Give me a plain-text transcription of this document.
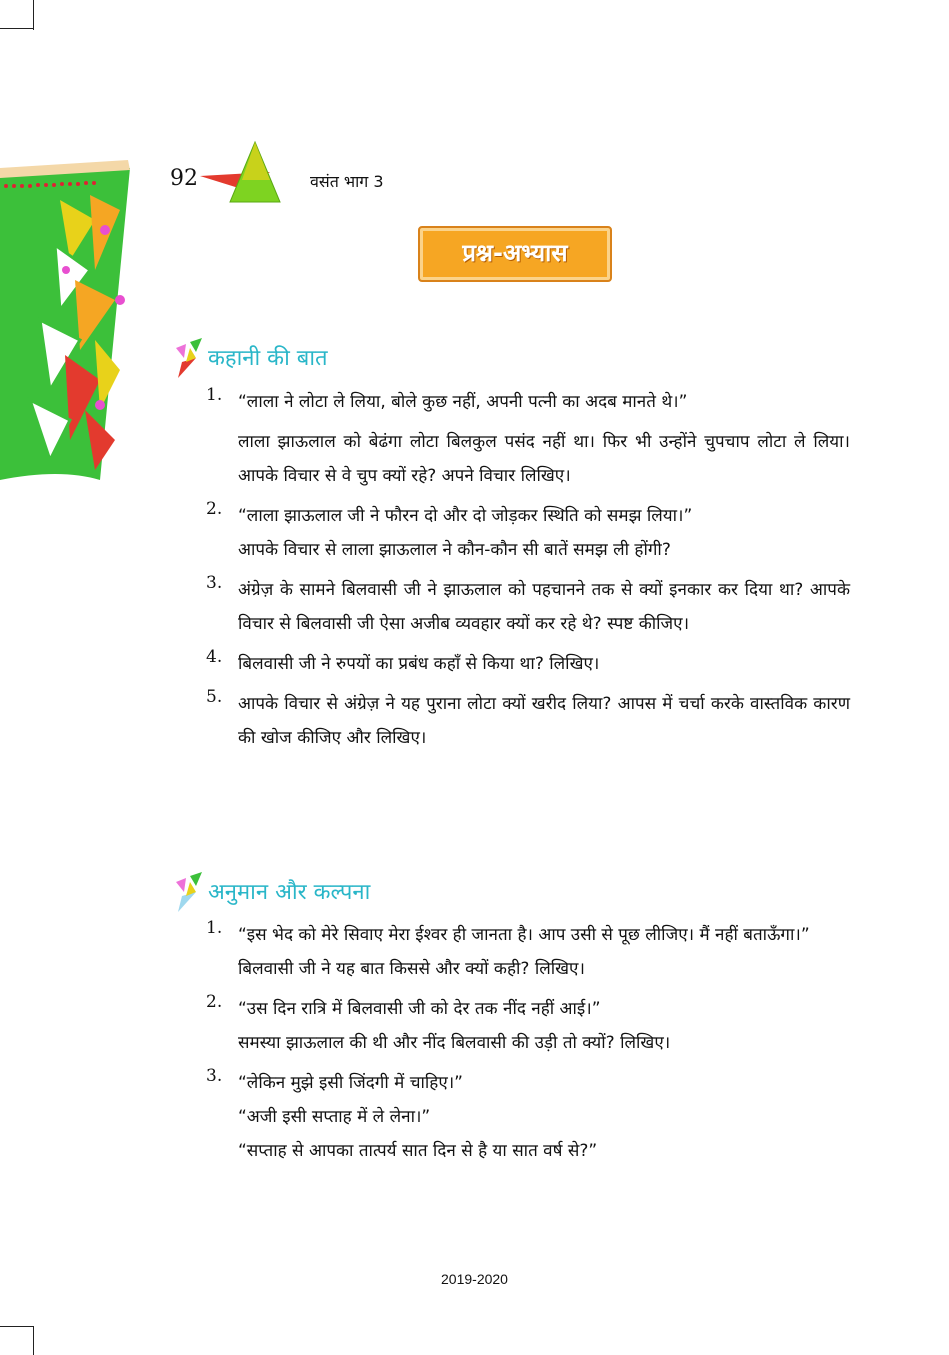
92	वसंत भाग 3
प्रश्न-अभ्यास
कहानी की बात
1. “लाला ने लोटा ले लिया, बोले कुछ नहीं, अपनी पत्नी का अदब मानते थे।”

लाला झाऊलाल को बेढंगा लोटा बिलकुल पसंद नहीं था। फिर भी उन्होंने चुपचाप लोटा ले लिया। आपके विचार से वे चुप क्यों रहे? अपने विचार लिखिए।

2. “लाला झाऊलाल जी ने फौरन दो और दो जोड़कर स्थिति को समझ लिया।”

आपके विचार से लाला झाऊलाल ने कौन-कौन सी बातें समझ ली होंगी?

3. अंग्रेज़ के सामने बिलवासी जी ने झाऊलाल को पहचानने तक से क्यों इनकार कर दिया था? आपके विचार से बिलवासी जी ऐसा अजीब व्यवहार क्यों कर रहे थे? स्पष्ट कीजिए।

4. बिलवासी जी ने रुपयों का प्रबंध कहाँ से किया था? लिखिए।

5. आपके विचार से अंग्रेज़ ने यह पुराना लोटा क्यों खरीद लिया? आपस में चर्चा करके वास्तविक कारण की खोज कीजिए और लिखिए।

अनुमान और कल्पना
1. “इस भेद को मेरे सिवाए मेरा ईश्वर ही जानता है। आप उसी से पूछ लीजिए। मैं नहीं बताऊँगा।”

बिलवासी जी ने यह बात किससे और क्यों कही? लिखिए।

2. “उस दिन रात्रि में बिलवासी जी को देर तक नींद नहीं आई।”

समस्या झाऊलाल की थी और नींद बिलवासी की उड़ी तो क्यों? लिखिए।

3. “लेकिन मुझे इसी जिंदगी में चाहिए।”

“अजी इसी सप्ताह में ले लेना।”

“सप्ताह से आपका तात्पर्य सात दिन से है या सात वर्ष से?”

2019-2020
